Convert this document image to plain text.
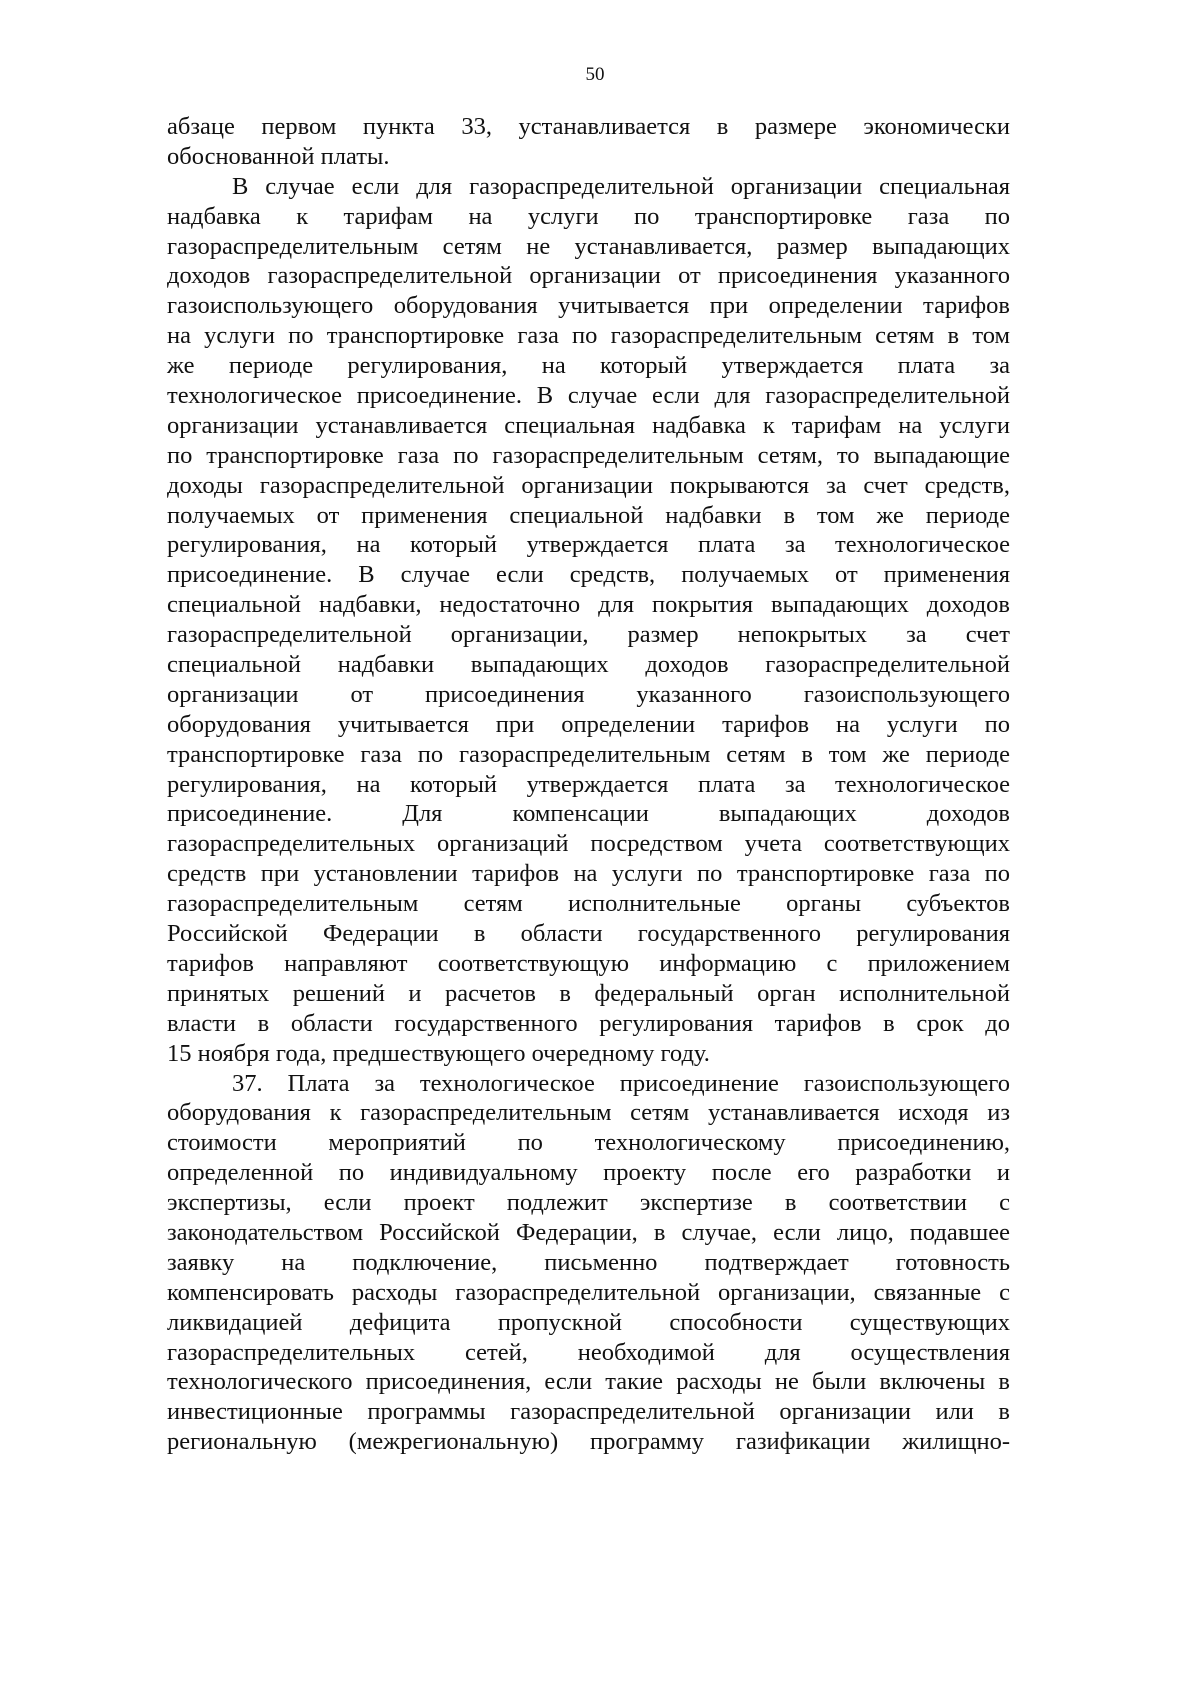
50
абзаце первом пункта 33, устанавливается в размере экономически
обоснованной платы.
В случае если для газораспределительной организации специальная
надбавка к тарифам на услуги по транспортировке газа по
газораспределительным сетям не устанавливается, размер выпадающих
доходов газораспределительной организации от присоединения указанного
газоиспользующего оборудования учитывается при определении тарифов
на услуги по транспортировке газа по газораспределительным сетям в том
же периоде регулирования, на который утверждается плата за
технологическое присоединение. В случае если для газораспределительной
организации устанавливается специальная надбавка к тарифам на услуги
по транспортировке газа по газораспределительным сетям, то выпадающие
доходы газораспределительной организации покрываются за счет средств,
получаемых от применения специальной надбавки в том же периоде
регулирования, на который утверждается плата за технологическое
присоединение. В случае если средств, получаемых от применения
специальной надбавки, недостаточно для покрытия выпадающих доходов
газораспределительной организации, размер непокрытых за счет
специальной надбавки выпадающих доходов газораспределительной
организации от присоединения указанного газоиспользующего
оборудования учитывается при определении тарифов на услуги по
транспортировке газа по газораспределительным сетям в том же периоде
регулирования, на который утверждается плата за технологическое
присоединение. Для компенсации выпадающих доходов
газораспределительных организаций посредством учета соответствующих
средств при установлении тарифов на услуги по транспортировке газа по
газораспределительным сетям исполнительные органы субъектов
Российской Федерации в области государственного регулирования
тарифов направляют соответствующую информацию с приложением
принятых решений и расчетов в федеральный орган исполнительной
власти в области государственного регулирования тарифов в срок до
15 ноября года, предшествующего очередному году.
37. Плата за технологическое присоединение газоиспользующего
оборудования к газораспределительным сетям устанавливается исходя из
стоимости мероприятий по технологическому присоединению,
определенной по индивидуальному проекту после его разработки и
экспертизы, если проект подлежит экспертизе в соответствии с
законодательством Российской Федерации, в случае, если лицо, подавшее
заявку на подключение, письменно подтверждает готовность
компенсировать расходы газораспределительной организации, связанные с
ликвидацией дефицита пропускной способности существующих
газораспределительных сетей, необходимой для осуществления
технологического присоединения, если такие расходы не были включены в
инвестиционные программы газораспределительной организации или в
региональную (межрегиональную) программу газификации жилищно-
